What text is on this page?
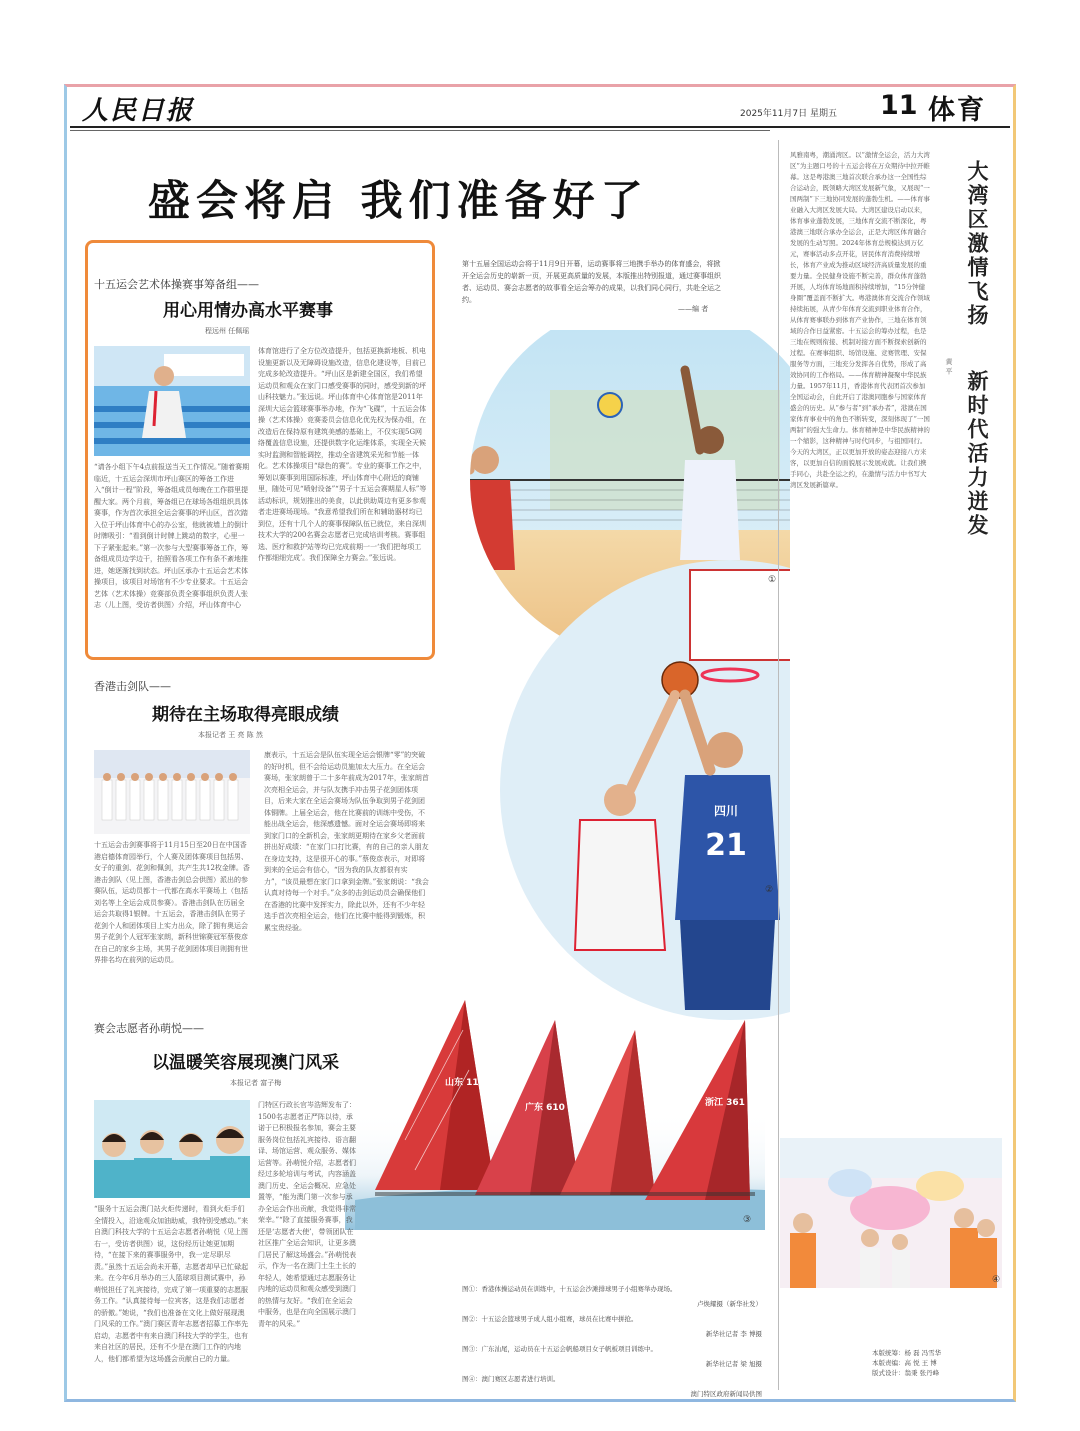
人民日报	2025年11月7日 星期五 11 体育
盛会将启 我们准备好了
第十五届全国运动会将于11月9日开幕，运动赛事将三地携手举办的体育盛会，将掀开全运会历史的崭新一页，开展更高质量的发展，本版推出特别报道，通过赛事组织者、运动员、赛会志愿者的故事看全运会筹办的成果，以我们同心同行，共赴全运之约。
——编 者
四川
21
①
②
山东 117
广东 610	浙江 361
③
十五运会艺术体操赛事筹备组——
用心用情办高水平赛事
程远州 任佩瑶
“请各小组下午4点前报送当天工作情况。”随着赛期临近，十五运会深圳市坪山赛区的筹备工作进入“倒计一程”阶段，筹备组成员每晚在工作群里提醒大家。两个月前，筹备组已在球场各组组织具体赛事，作为首次承担全运会赛事的坪山区，首次踏入位于坪山体育中心的办公室，他就被墙上的倒计时牌吸引：“看到倒计时牌上跳动的数字，心里一下子紧张起来。”第一次参与大型赛事筹备工作，筹备组成员边学边干，拍照看各项工作有条不紊地推进，她逐渐找到状态。坪山区承办十五运会艺术体操项目，该项目对场馆有不少专业要求。十五运会艺体（艺术体操）竞赛部负责全赛事组织负责人张志（儿上图，受访者供图）介绍，坪山体育中心
体育馆进行了全方位改造提升，包括更换新地板、机电设施更新以及无障碍设施改造，信息化建设等，目前已完成多轮改造提升。“坪山区是新建全国区，我们希望运动员和观众在家门口感受赛事的同时，感受到新的坪山科技魅力。”张远说。坪山体育中心体育馆是2011年深圳大运会篮球赛事举办地，作为“飞碟”，十五运会体操（艺术体操）竞赛委员会信息化优先权为保办组，在改造后在保持原有建筑美感的基础上，不仅实现5G网络覆盖信息设施，还提供数字化运维体系，实现全天候实时监测和智能调控，推动全省建筑采光和节能一体化。艺术体操项目“绿色的赛”。专业的赛事工作之中，筹划以赛事到用国际标准，坪山体育中心附近的商铺里，随处可见“喷射设备”“男子十五运会赛期星人标”等活动标识，规划推出的美食，以此供助周边有更多参观者走进赛场现场。“我意希望我们所在和辅助器材均已到位，还有十几个人的赛事保障队伍已就位，来自深圳技术大学的200名赛会志愿者已完成培训考核。赛事组选、医疗和救护站等均已完成前期一一‘我们把每项工作都细细完成’。我们保障全力赛会。”张远说。
香港击剑队——
期待在主场取得亮眼成绩
本报记者 王 亮 陈 然
十五运会击剑赛事将于11月15日至20日在中国香港启德体育园举行，个人赛及团体赛项目包括男、女子的重剑、花剑和佩剑，共产生共12枚金牌。香港击剑队（见上图，香港击剑总会供图）派出的参赛队伍，运动员都十一代都在高水平赛场上（包括刘名等上全运会成员参赛）。香港击剑队在历届全运会共取得1银牌。十五运会，香港击剑队在男子花剑个人和团体项目上实力出众，除了拥有奥运会男子花剑个人冠军张家朗，新科世锦赛冠军蔡俊彦在自己的家乡主场，其男子花剑团体项目则拥有世界排名均在前列的运动员。
康表示，十五运会是队伍实现全运会银牌“零”的突破的好时机，但不会给运动员施加太大压力。在全运会赛场，张家朗曾于二十多年前成为2017年，张家朗首次亮相全运会，并与队友携手冲击男子花剑团体项目，后来大家在全运会赛场为队伍争取到男子花剑团体铜牌。上届全运会，他在比赛前的训练中受伤，不能出战全运会，他深感遗憾。面对全运会赛场即将来到家门口的全新机会，张家朗更期待在家乡父老面前拼出好成绩：“在家门口打比赛，有的自己的亲人朋友在身边支持，这是很开心的事。”蔡俊彦表示，对即将到来的全运会有信心，“因为我的队友都很有实力”，“该员最想在家门口拿到金牌。”张家朗说：“我会认真对待每一个对手。”众多的击剑运动员会确保他们在香港的比赛中发挥实力，除此以外，还有不少年轻选手首次亮相全运会，他们在比赛中能得到锻炼，积累宝贵经验。
赛会志愿者孙萌悦——
以温暖笑容展现澳门风采
本报记者 富子梅
“服务十五运会澳门站火炬传递时，看到火炬手们全情投入，沿途观众加油助威，我特别受感动。”来自澳门科技大学的十五运会志愿者孙萌悦（见上图右一，受访者供图）说，这份经历让她更加期待，“在接下来的赛事服务中，我一定尽职尽责。”虽然十五运会尚未开幕，志愿者却早已忙碌起来。在今年6月举办的三人篮球项目测试赛中，孙萌悦担任了礼宾接待，完成了第一项重要的志愿服务工作。“认真接待每一位宾客，这是我们志愿者的骄傲。”她说，“我们也准备在文化上做好展现澳门风采的工作。”澳门赛区青年志愿者招募工作率先启动，志愿者中有来自澳门科技大学的学生，也有来自社区的居民，还有不少是在澳门工作的内地人，他们都希望为这场盛会贡献自己的力量。
门特区行政长官岑浩辉发布了：1500名志愿者正严阵以待，承诺于已积极报名参加，赛会主要服务岗位包括礼宾接待、语言翻译、场馆运营、观众服务、媒体运营等。孙萌悦介绍，志愿者们经过多轮培训与考试，内容涵盖澳门历史、全运会概况、应急处置等，“能为澳门第一次参与承办全运会作出贡献，我觉得非常荣幸。”“除了直接服务赛事，我还是‘志愿者大使’，带领团队在社区推广全运会知识，让更多澳门居民了解这场盛会。”孙萌悦表示，作为一名在澳门土生土长的年轻人，她希望通过志愿服务让内地的运动员和观众感受到澳门的热情与友好。“我们在全运会中服务，也是在向全国展示澳门青年的风采。”
图①：香港体操运动员在训练中，十五运会沙滩排球男子小组赛举办现场。
卢焕耀摄（新华社发）
图②：十五运会篮球男子成人组小组赛，球员在比赛中拼抢。
新华社记者 李 博摄
图③：广东汕尾，运动员在十五运会帆船项目女子帆板项目训练中。
新华社记者 梁 旭摄
图④：澳门赛区志愿者进行培训。
澳门特区政府新闻局供图
风雅南粤，潮涌湾区。以“激情全运会，活力大湾区”为主题口号的十五运会将在万众期待中拉开帷幕。这是粤港澳三地首次联合承办这一全国性综合运动会，既领略大湾区发展新气象，又展现“一国两制”下三地协同发展的蓬勃生机。——体育事业融入大湾区发展大局。大湾区建设启动以来，体育事业蓬勃发展，三地体育交流不断深化，粤港澳三地联合承办全运会，正是大湾区体育融合发展的生动写照。2024年体育总规模达到万亿元，赛事活动多点开花，居民体育消费持续增长，体育产业成为推动区域经济高质量发展的重要力量。全民健身设施不断完善，群众体育蓬勃开展，人均体育场地面积持续增加，“15分钟健身圈”覆盖面不断扩大。粤港澳体育交流合作领域持续拓展，从青少年体育交流到职业体育合作，从体育赛事联办到体育产业协作，三地在体育领域的合作日益紧密。十五运会的筹办过程，也是三地在规则衔接、机制对接方面不断探索创新的过程。在赛事组织、场馆设施、竞赛管理、安保服务等方面，三地充分发挥各自优势，形成了高效协同的工作格局。——体育精神凝聚中华民族力量。1957年11月，香港体育代表团首次参加全国运动会，自此开启了港澳同胞参与国家体育盛会的历史。从“参与者”到“承办者”，港澳在国家体育事业中的角色不断转变，深刻体现了“一国两制”的强大生命力。体育精神是中华民族精神的一个缩影，这种精神与时代同步，与祖国同行。今天的大湾区，正以更加开放的姿态迎接八方来客，以更加自信的面貌展示发展成就。让我们携手同心，共赴全运之约，在激情与活力中书写大湾区发展新篇章。
大湾区激情飞扬
新时代活力迸发
黄 平
④
本版统筹：杨 磊 冯雪华
本版责编：高 悦 王 博
版式设计：翁秉 张丹峰
